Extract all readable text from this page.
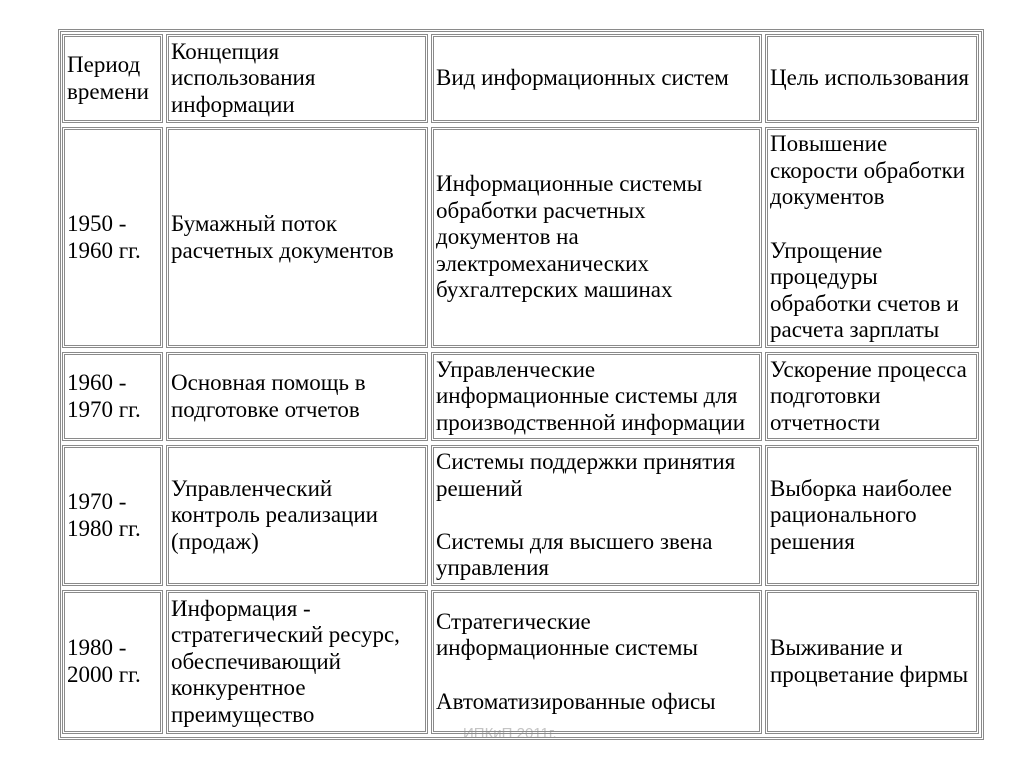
ИПКиП 2011г.
Период
времени
Концепция
использования
информации
Вид информационных систем Цель использования
1950 -
1960 гг.
Бумажный поток
расчетных документов
Информационные системы
обработки расчетных
документов на
электромеханических
бухгалтерских машинах
Повышение
скорости обработки
документов

Упрощение
процедуры
обработки счетов и
расчета зарплаты
1960 -
1970 гг.
Основная помощь в
подготовке отчетов
Управленческие
информационные системы для
производственной информации
Ускорение процесса
подготовки
отчетности
1970 -
1980 гг.
Управленческий
контроль реализации
(продаж)
Системы поддержки принятия
решений

Системы для высшего звена
управления
Выборка наиболее
рационального
решения
1980 -
2000 гг.
Информация -
стратегический ресурс,
обеспечивающий
конкурентное
преимущество
Стратегические
информационные системы

Автоматизированные офисы
Выживание и
процветание фирмы
